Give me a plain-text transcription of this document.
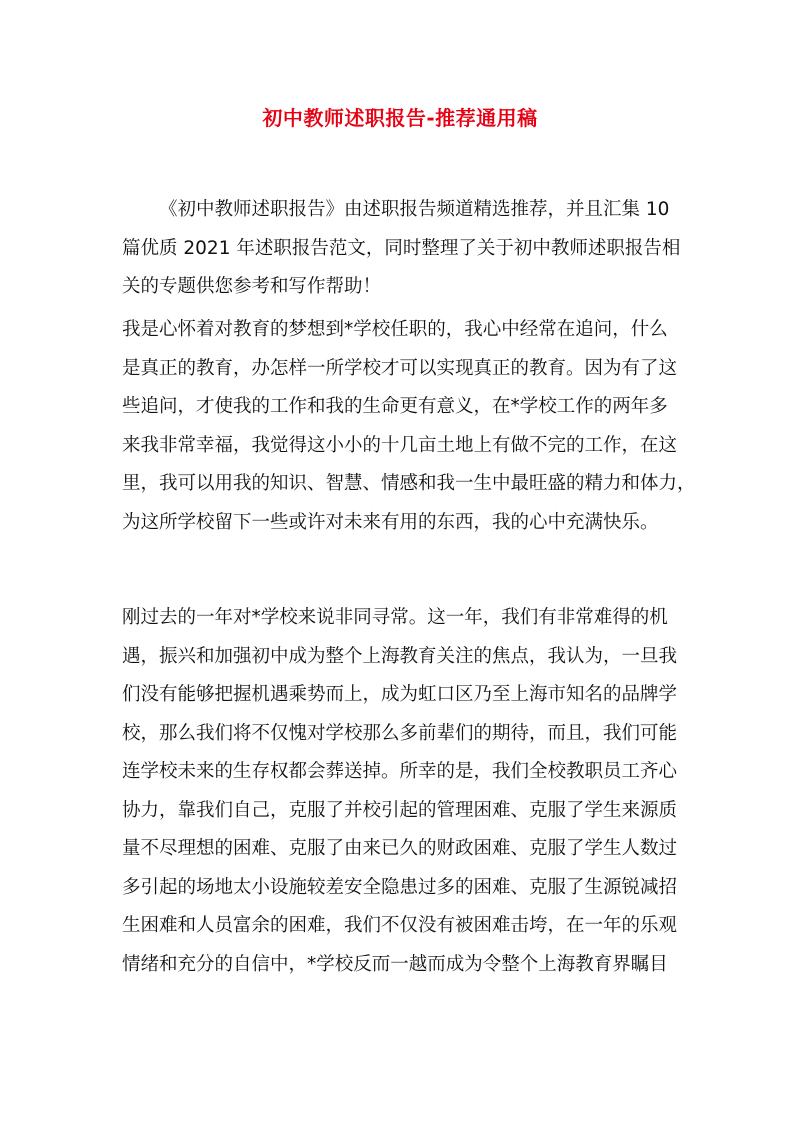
初中教师述职报告-推荐通用稿
《初中教师述职报告》由述职报告频道精选推荐，并且汇集 10
篇优质 2021 年述职报告范文，同时整理了关于初中教师述职报告相
关的专题供您参考和写作帮助！
我是心怀着对教育的梦想到*学校任职的，我心中经常在追问，什么
是真正的教育，办怎样一所学校才可以实现真正的教育。因为有了这
些追问，才使我的工作和我的生命更有意义，在*学校工作的两年多
来我非常幸福，我觉得这小小的十几亩土地上有做不完的工作，在这
里，我可以用我的知识、智慧、情感和我一生中最旺盛的精力和体力，
为这所学校留下一些或许对未来有用的东西，我的心中充满快乐。
刚过去的一年对*学校来说非同寻常。这一年，我们有非常难得的机
遇，振兴和加强初中成为整个上海教育关注的焦点，我认为，一旦我
们没有能够把握机遇乘势而上，成为虹口区乃至上海市知名的品牌学
校，那么我们将不仅愧对学校那么多前辈们的期待，而且，我们可能
连学校未来的生存权都会葬送掉。所幸的是，我们全校教职员工齐心
协力，靠我们自己，克服了并校引起的管理困难、克服了学生来源质
量不尽理想的困难、克服了由来已久的财政困难、克服了学生人数过
多引起的场地太小设施较差安全隐患过多的困难、克服了生源锐减招
生困难和人员富余的困难，我们不仅没有被困难击垮，在一年的乐观
情绪和充分的自信中，*学校反而一越而成为令整个上海教育界瞩目
